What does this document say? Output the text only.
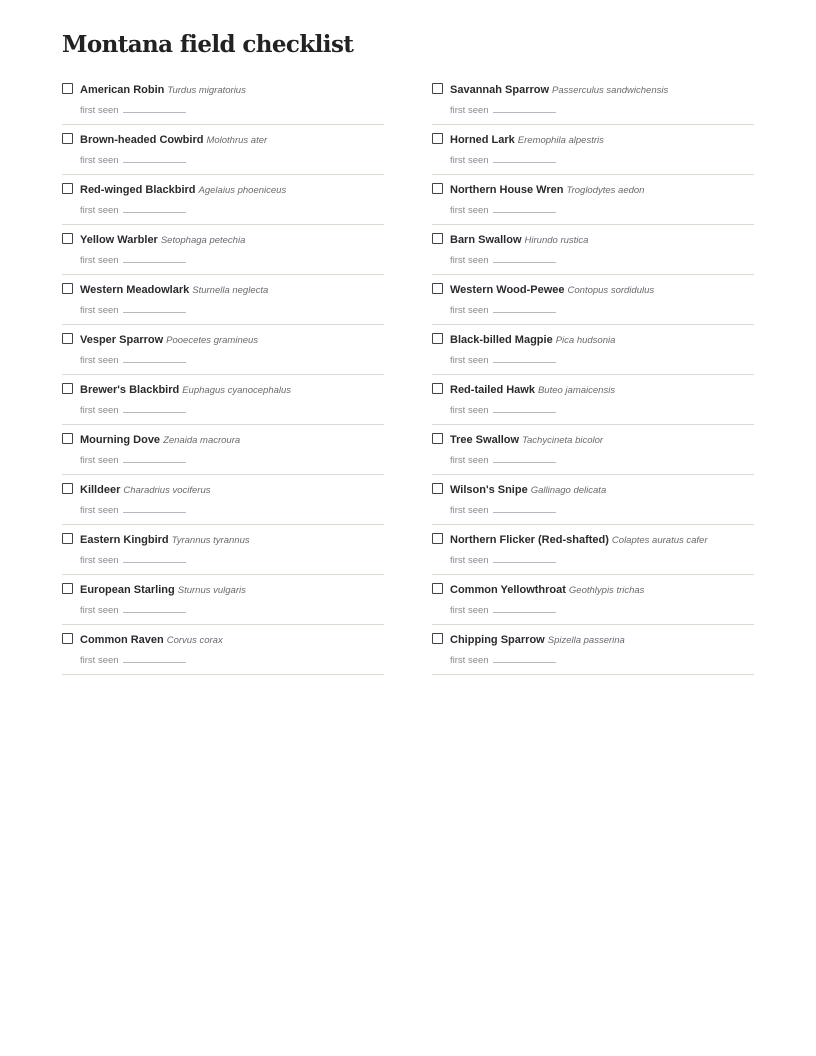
Montana field checklist
American Robin Turdus migratorius
first seen
Brown-headed Cowbird Molothrus ater
first seen
Red-winged Blackbird Agelaius phoeniceus
first seen
Yellow Warbler Setophaga petechia
first seen
Western Meadowlark Sturnella neglecta
first seen
Vesper Sparrow Pooecetes gramineus
first seen
Brewer's Blackbird Euphagus cyanocephalus
first seen
Mourning Dove Zenaida macroura
first seen
Killdeer Charadrius vociferus
first seen
Eastern Kingbird Tyrannus tyrannus
first seen
European Starling Sturnus vulgaris
first seen
Common Raven Corvus corax
first seen
Savannah Sparrow Passerculus sandwichensis
first seen
Horned Lark Eremophila alpestris
first seen
Northern House Wren Troglodytes aedon
first seen
Barn Swallow Hirundo rustica
first seen
Western Wood-Pewee Contopus sordidulus
first seen
Black-billed Magpie Pica hudsonia
first seen
Red-tailed Hawk Buteo jamaicensis
first seen
Tree Swallow Tachycineta bicolor
first seen
Wilson's Snipe Gallinago delicata
first seen
Northern Flicker (Red-shafted) Colaptes auratus cafer
first seen
Common Yellowthroat Geothlypis trichas
first seen
Chipping Sparrow Spizella passerina
first seen
